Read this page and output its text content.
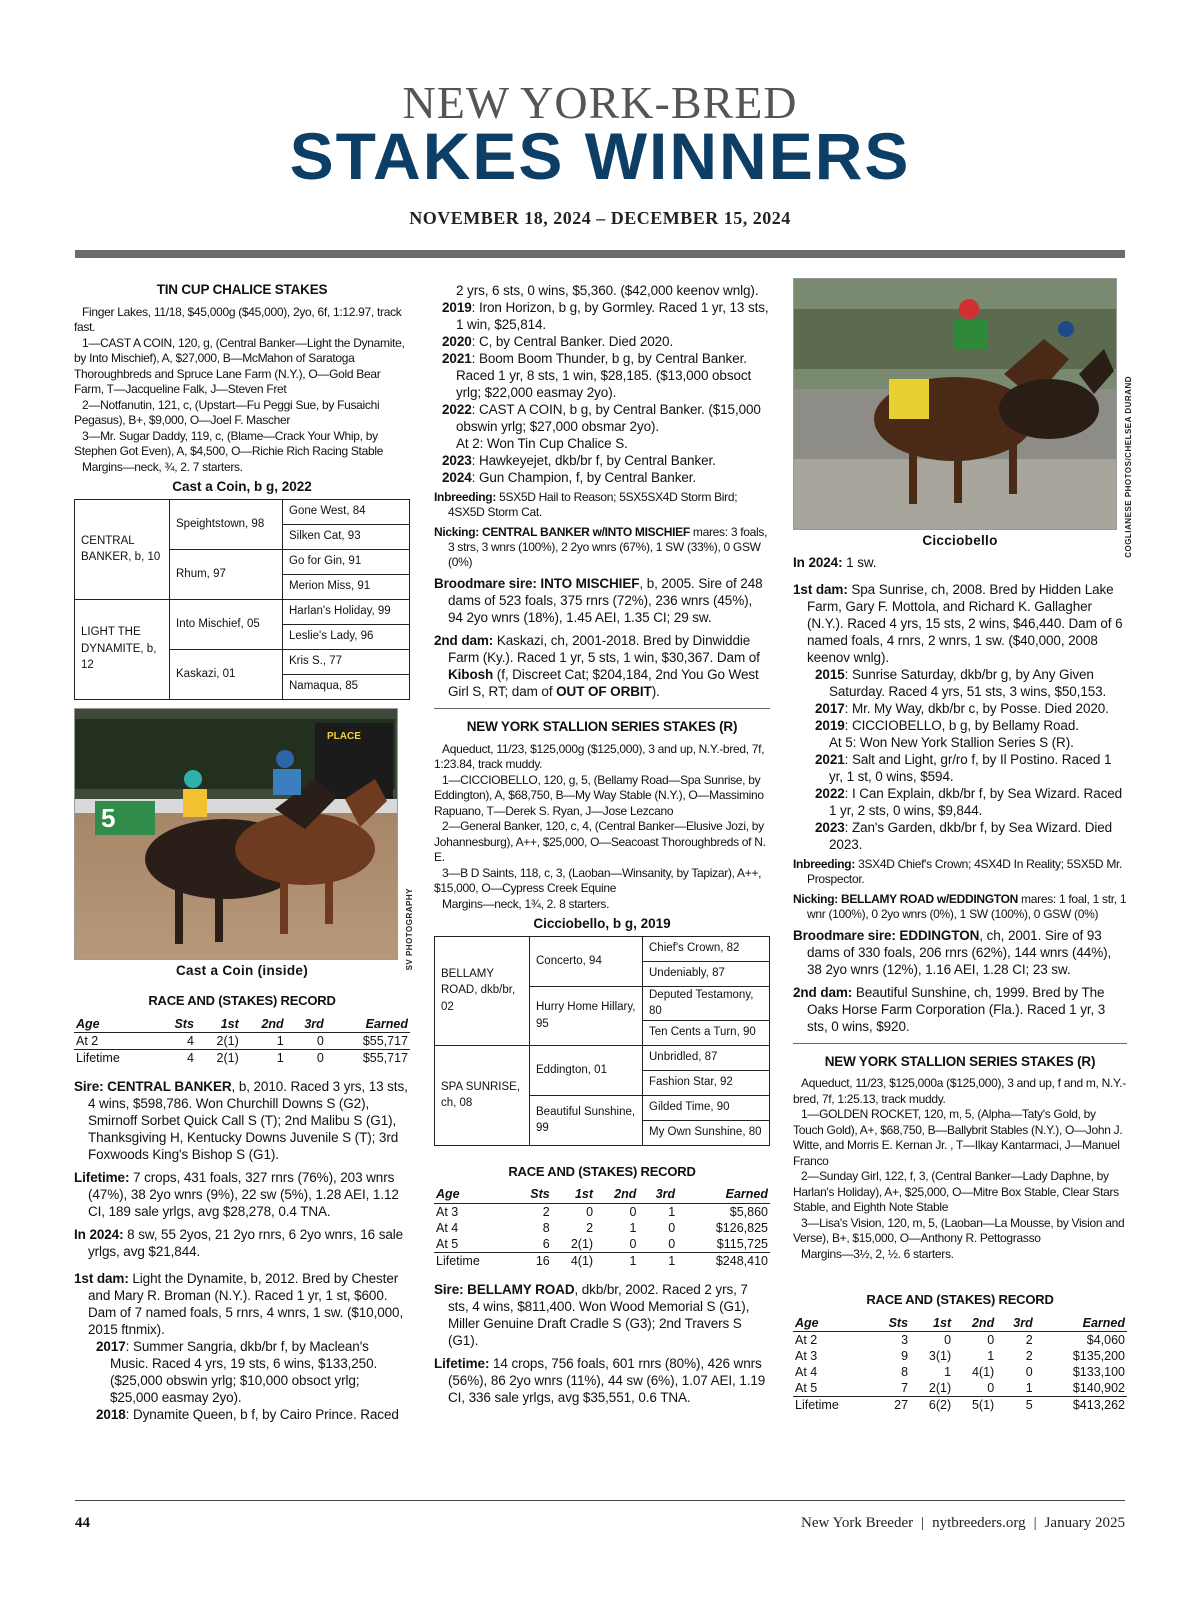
NEW YORK-BRED
STAKES WINNERS
NOVEMBER 18, 2024 – DECEMBER 15, 2024
TIN CUP CHALICE STAKES

Finger Lakes, 11/18, $45,000g ($45,000), 2yo, 6f, 1:12.97, track fast.

1—CAST A COIN, 120, g, (Central Banker—Light the Dynamite, by Into Mischief), A, $27,000, B—McMahon of Saratoga Thoroughbreds and Spruce Lane Farm (N.Y.), O—Gold Bear Farm, T—Jacqueline Falk, J—Steven Fret

2—Notfanutin, 121, c, (Upstart—Fu Peggi Sue, by Fusaichi Pegasus), B+, $9,000, O—Joel F. Mascher

3—Mr. Sugar Daddy, 119, c, (Blame—Crack Your Whip, by Stephen Got Even), A, $4,500, O—Richie Rich Racing Stable

Margins—neck, ¾, 2. 7 starters.

Cast a Coin, b g, 2022
CENTRAL BANKER, b, 10	Speightstown, 98	Gone West, 84
		Silken Cat, 93
	Rhum, 97	Go for Gin, 91
		Merion Miss, 91
LIGHT THE DYNAMITE, b, 12	Into Mischief, 05	Harlan's Holiday, 99
		Leslie's Lady, 96
	Kaskazi, 01	Kris S., 77
		Namaqua, 85
PLACE
5
SV PHOTOGRAPHY
Cast a Coin (inside)
RACE AND (STAKES) RECORD
Age	Sts	1st	2nd	3rd	Earned
At 2	4	2(1)	1	0	$55,717
Lifetime	4	2(1)	1	0	$55,717

Sire: CENTRAL BANKER, b, 2010. Raced 3 yrs, 13 sts, 4 wins, $598,786. Won Churchill Downs S (G2), Smirnoff Sorbet Quick Call S (T); 2nd Malibu S (G1), Thanksgiving H, Kentucky Downs Juvenile S (T); 3rd Foxwoods King's Bishop S (G1).

Lifetime: 7 crops, 431 foals, 327 rnrs (76%), 203 wnrs (47%), 38 2yo wnrs (9%), 22 sw (5%), 1.28 AEI, 1.12 CI, 189 sale yrlgs, avg $28,278, 0.4 TNA.

In 2024: 8 sw, 55 2yos, 21 2yo rnrs, 6 2yo wnrs, 16 sale yrlgs, avg $21,844.

1st dam: Light the Dynamite, b, 2012. Bred by Chester and Mary R. Broman (N.Y.). Raced 1 yr, 1 st, $600. Dam of 7 named foals, 5 rnrs, 4 wnrs, 1 sw. ($10,000, 2015 ftnmix).

2017: Summer Sangria, dkb/br f, by Maclean's Music. Raced 4 yrs, 19 sts, 6 wins, $133,250. ($25,000 obswin yrlg; $10,000 obsoct yrlg; $25,000 easmay 2yo).

2018: Dynamite Queen, b f, by Cairo Prince. Raced

2 yrs, 6 sts, 0 wins, $5,360. ($42,000 keenov wnlg).

2019: Iron Horizon, b g, by Gormley. Raced 1 yr, 13 sts, 1 win, $25,814.

2020: C, by Central Banker. Died 2020.

2021: Boom Boom Thunder, b g, by Central Banker. Raced 1 yr, 8 sts, 1 win, $28,185. ($13,000 obsoct yrlg; $22,000 easmay 2yo).

2022: CAST A COIN, b g, by Central Banker. ($15,000 obswin yrlg; $27,000 obsmar 2yo).

At 2: Won Tin Cup Chalice S.

2023: Hawkeyejet, dkb/br f, by Central Banker.

2024: Gun Champion, f, by Central Banker.

Inbreeding: 5SX5D Hail to Reason; 5SX5SX4D Storm Bird; 4SX5D Storm Cat.

Nicking: CENTRAL BANKER w/INTO MISCHIEF mares: 3 foals, 3 strs, 3 wnrs (100%), 2 2yo wnrs (67%), 1 SW (33%), 0 GSW (0%)

Broodmare sire: INTO MISCHIEF, b, 2005. Sire of 248 dams of 523 foals, 375 rnrs (72%), 236 wnrs (45%), 94 2yo wnrs (18%), 1.45 AEI, 1.35 CI; 29 sw.

2nd dam: Kaskazi, ch, 2001-2018. Bred by Dinwiddie Farm (Ky.). Raced 1 yr, 5 sts, 1 win, $30,367. Dam of Kibosh (f, Discreet Cat; $204,184, 2nd You Go West Girl S, RT; dam of OUT OF ORBIT).

NEW YORK STALLION SERIES STAKES (R)

Aqueduct, 11/23, $125,000g ($125,000), 3 and up, N.Y.-bred, 7f, 1:23.84, track muddy.

1—CICCIOBELLO, 120, g, 5, (Bellamy Road—Spa Sunrise, by Eddington), A, $68,750, B—My Way Stable (N.Y.), O—Massimino Rapuano, T—Derek S. Ryan, J—Jose Lezcano

2—General Banker, 120, c, 4, (Central Banker—Elusive Jozi, by Johannesburg), A++, $25,000, O—Seacoast Thoroughbreds of N. E.

3—B D Saints, 118, c, 3, (Laoban—Winsanity, by Tapizar), A++, $15,000, O—Cypress Creek Equine

Margins—neck, 1¾, 2. 8 starters.

Cicciobello, b g, 2019
BELLAMY ROAD, dkb/br, 02	Concerto, 94	Chief's Crown, 82
		Undeniably, 87
	Hurry Home Hillary, 95	Deputed Testamony, 80
		Ten Cents a Turn, 90
SPA SUNRISE, ch, 08	Eddington, 01	Unbridled, 87
		Fashion Star, 92
	Beautiful Sunshine, 99	Gilded Time, 90
		My Own Sunshine, 80
RACE AND (STAKES) RECORD
Age	Sts	1st	2nd	3rd	Earned
At 3	2	0	0	1	$5,860
At 4	8	2	1	0	$126,825
At 5	6	2(1)	0	0	$115,725
Lifetime	16	4(1)	1	1	$248,410

Sire: BELLAMY ROAD, dkb/br, 2002. Raced 2 yrs, 7 sts, 4 wins, $811,400. Won Wood Memorial S (G1), Miller Genuine Draft Cradle S (G3); 2nd Travers S (G1).

Lifetime: 14 crops, 756 foals, 601 rnrs (80%), 426 wnrs (56%), 86 2yo wnrs (11%), 44 sw (6%), 1.07 AEI, 1.19 CI, 336 sale yrlgs, avg $35,551, 0.6 TNA.

COGLIANESE PHOTOS/CHELSEA DURAND
Cicciobello

In 2024: 1 sw.

1st dam: Spa Sunrise, ch, 2008. Bred by Hidden Lake Farm, Gary F. Mottola, and Richard K. Gallagher (N.Y.). Raced 4 yrs, 15 sts, 2 wins, $46,440. Dam of 6 named foals, 4 rnrs, 2 wnrs, 1 sw. ($40,000, 2008 keenov wnlg).

2015: Sunrise Saturday, dkb/br g, by Any Given Saturday. Raced 4 yrs, 51 sts, 3 wins, $50,153.

2017: Mr. My Way, dkb/br c, by Posse. Died 2020.

2019: CICCIOBELLO, b g, by Bellamy Road.

At 5: Won New York Stallion Series S (R).

2021: Salt and Light, gr/ro f, by Il Postino. Raced 1 yr, 1 st, 0 wins, $594.

2022: I Can Explain, dkb/br f, by Sea Wizard. Raced 1 yr, 2 sts, 0 wins, $9,844.

2023: Zan's Garden, dkb/br f, by Sea Wizard. Died 2023.

Inbreeding: 3SX4D Chief's Crown; 4SX4D In Reality; 5SX5D Mr. Prospector.

Nicking: BELLAMY ROAD w/EDDINGTON mares: 1 foal, 1 str, 1 wnr (100%), 0 2yo wnrs (0%), 1 SW (100%), 0 GSW (0%)

Broodmare sire: EDDINGTON, ch, 2001. Sire of 93 dams of 330 foals, 206 rnrs (62%), 144 wnrs (44%), 38 2yo wnrs (12%), 1.16 AEI, 1.28 CI; 23 sw.

2nd dam: Beautiful Sunshine, ch, 1999. Bred by The Oaks Horse Farm Corporation (Fla.). Raced 1 yr, 3 sts, 0 wins, $920.

NEW YORK STALLION SERIES STAKES (R)

Aqueduct, 11/23, $125,000a ($125,000), 3 and up, f and m, N.Y.-bred, 7f, 1:25.13, track muddy.

1—GOLDEN ROCKET, 120, m, 5, (Alpha—Taty's Gold, by Touch Gold), A+, $68,750, B—Ballybrit Stables (N.Y.), O—John J. Witte, and Morris E. Kernan Jr. , T—Ilkay Kantarmaci, J—Manuel Franco

2—Sunday Girl, 122, f, 3, (Central Banker—Lady Daphne, by Harlan's Holiday), A+, $25,000, O—Mitre Box Stable, Clear Stars Stable, and Eighth Note Stable

3—Lisa's Vision, 120, m, 5, (Laoban—La Mousse, by Vision and Verse), B+, $15,000, O—Anthony R. Pettograsso

Margins—3½, 2, ½. 6 starters.

RACE AND (STAKES) RECORD
Age	Sts	1st	2nd	3rd	Earned
At 2	3	0	0	2	$4,060
At 3	9	3(1)	1	2	$135,200
At 4	8	1	4(1)	0	$133,100
At 5	7	2(1)	0	1	$140,902
Lifetime	27	6(2)	5(1)	5	$413,262
44	New York Breeder | nytbreeders.org | January 2025
